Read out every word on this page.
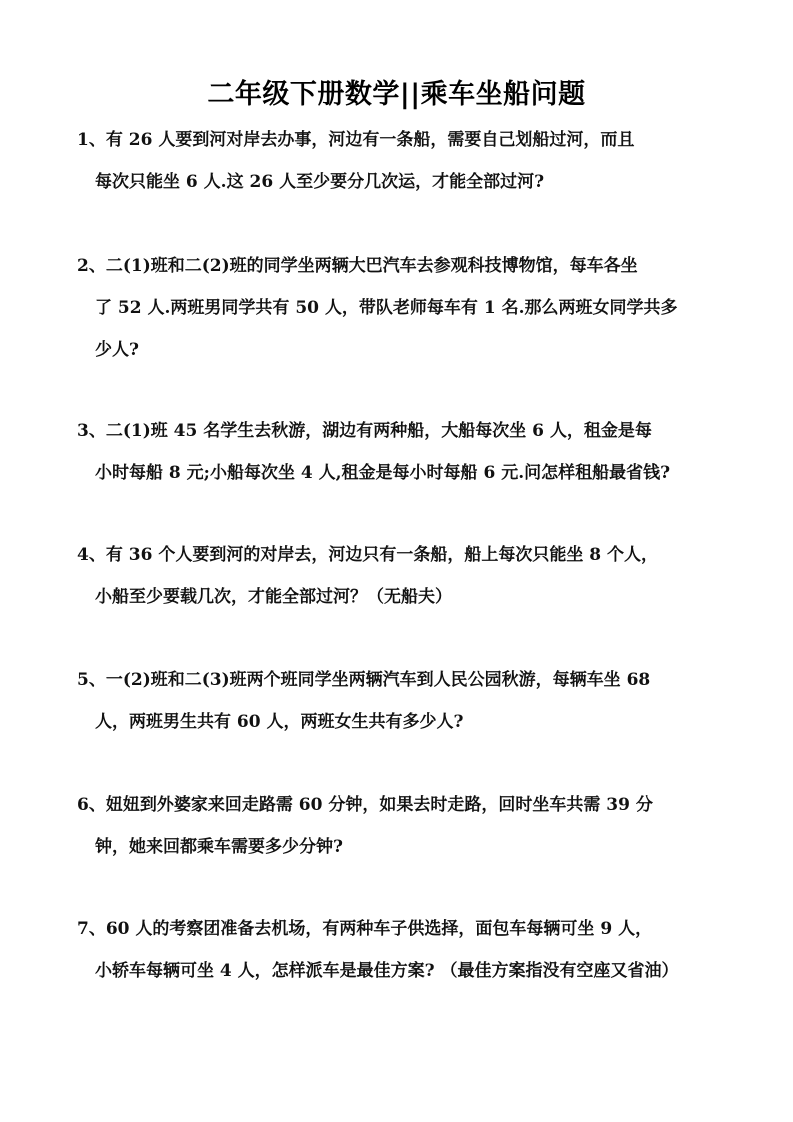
二年级下册数学||乘车坐船问题
1、有 26 人要到河对岸去办事，河边有一条船，需要自己划船过河，而且
每次只能坐 6 人.这 26 人至少要分几次运，才能全部过河?
2、二(1)班和二(2)班的同学坐两辆大巴汽车去参观科技博物馆，每车各坐
了 52 人.两班男同学共有 50 人，带队老师每车有 1 名.那么两班女同学共多
少人?
3、二(1)班 45 名学生去秋游，湖边有两种船，大船每次坐 6 人，租金是每
小时每船 8 元;小船每次坐 4 人,租金是每小时每船 6 元.问怎样租船最省钱?
4、有 36 个人要到河的对岸去，河边只有一条船，船上每次只能坐 8 个人，
小船至少要载几次，才能全部过河？（无船夫）
5、一(2)班和二(3)班两个班同学坐两辆汽车到人民公园秋游，每辆车坐 68
人，两班男生共有 60 人，两班女生共有多少人?
6、妞妞到外婆家来回走路需 60 分钟，如果去时走路，回时坐车共需 39 分
钟，她来回都乘车需要多少分钟?
7、60 人的考察团准备去机场，有两种车子供选择，面包车每辆可坐 9 人，
小轿车每辆可坐 4 人，怎样派车是最佳方案? （最佳方案指没有空座又省油）
